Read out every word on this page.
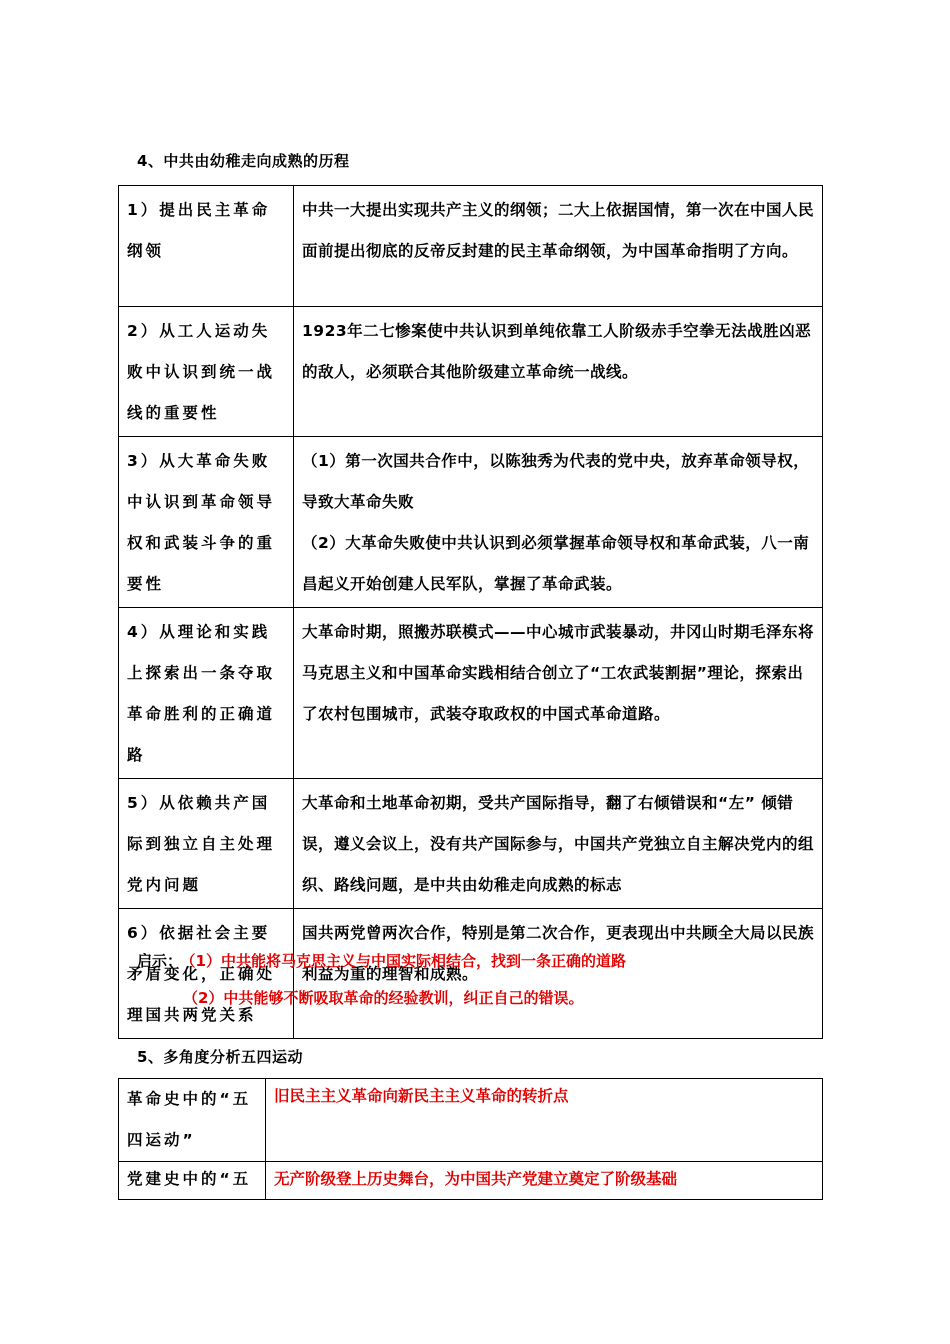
4、中共由幼稚走向成熟的历程
1）提出民主革命纲领	中共一大提出实现共产主义的纲领；二大上依据国情，第一次在中国人民面前提出彻底的反帝反封建的民主革命纲领，为中国革命指明了方向。
2）从工人运动失败中认识到统一战线的重要性	1923年二七惨案使中共认识到单纯依靠工人阶级赤手空拳无法战胜凶恶的敌人，必须联合其他阶级建立革命统一战线。
3）从大革命失败中认识到革命领导权和武装斗争的重要性	（1）第一次国共合作中，以陈独秀为代表的党中央，放弃革命领导权，导致大革命失败
（2）大革命失败使中共认识到必须掌握革命领导权和革命武装，八一南昌起义开始创建人民军队，掌握了革命武装。

4）从理论和实践上探索出一条夺取革命胜利的正确道路	大革命时期，照搬苏联模式——中心城市武装暴动，井冈山时期毛泽东将马克思主义和中国革命实践相结合创立了“工农武装割据”理论，探索出了农村包围城市，武装夺取政权的中国式革命道路。
5）从依赖共产国际到独立自主处理党内问题	大革命和土地革命初期，受共产国际指导，翻了右倾错误和“左” 倾错误，遵义会议上，没有共产国际参与，中国共产党独立自主解决党内的组织、路线问题，是中共由幼稚走向成熟的标志
6）依据社会主要矛盾变化，正确处理国共两党关系	国共两党曾两次合作，特别是第二次合作，更表现出中共顾全大局以民族利益为重的理智和成熟。
启示： （1）中共能将马克思主义与中国实际相结合，找到一条正确的道路
（2）中共能够不断吸取革命的经验教训，纠正自己的错误。
5、多角度分析五四运动
革命史中的“五四运动”	旧民主主义革命向新民主主义革命的转折点
党建史中的“五	无产阶级登上历史舞台，为中国共产党建立奠定了阶级基础
